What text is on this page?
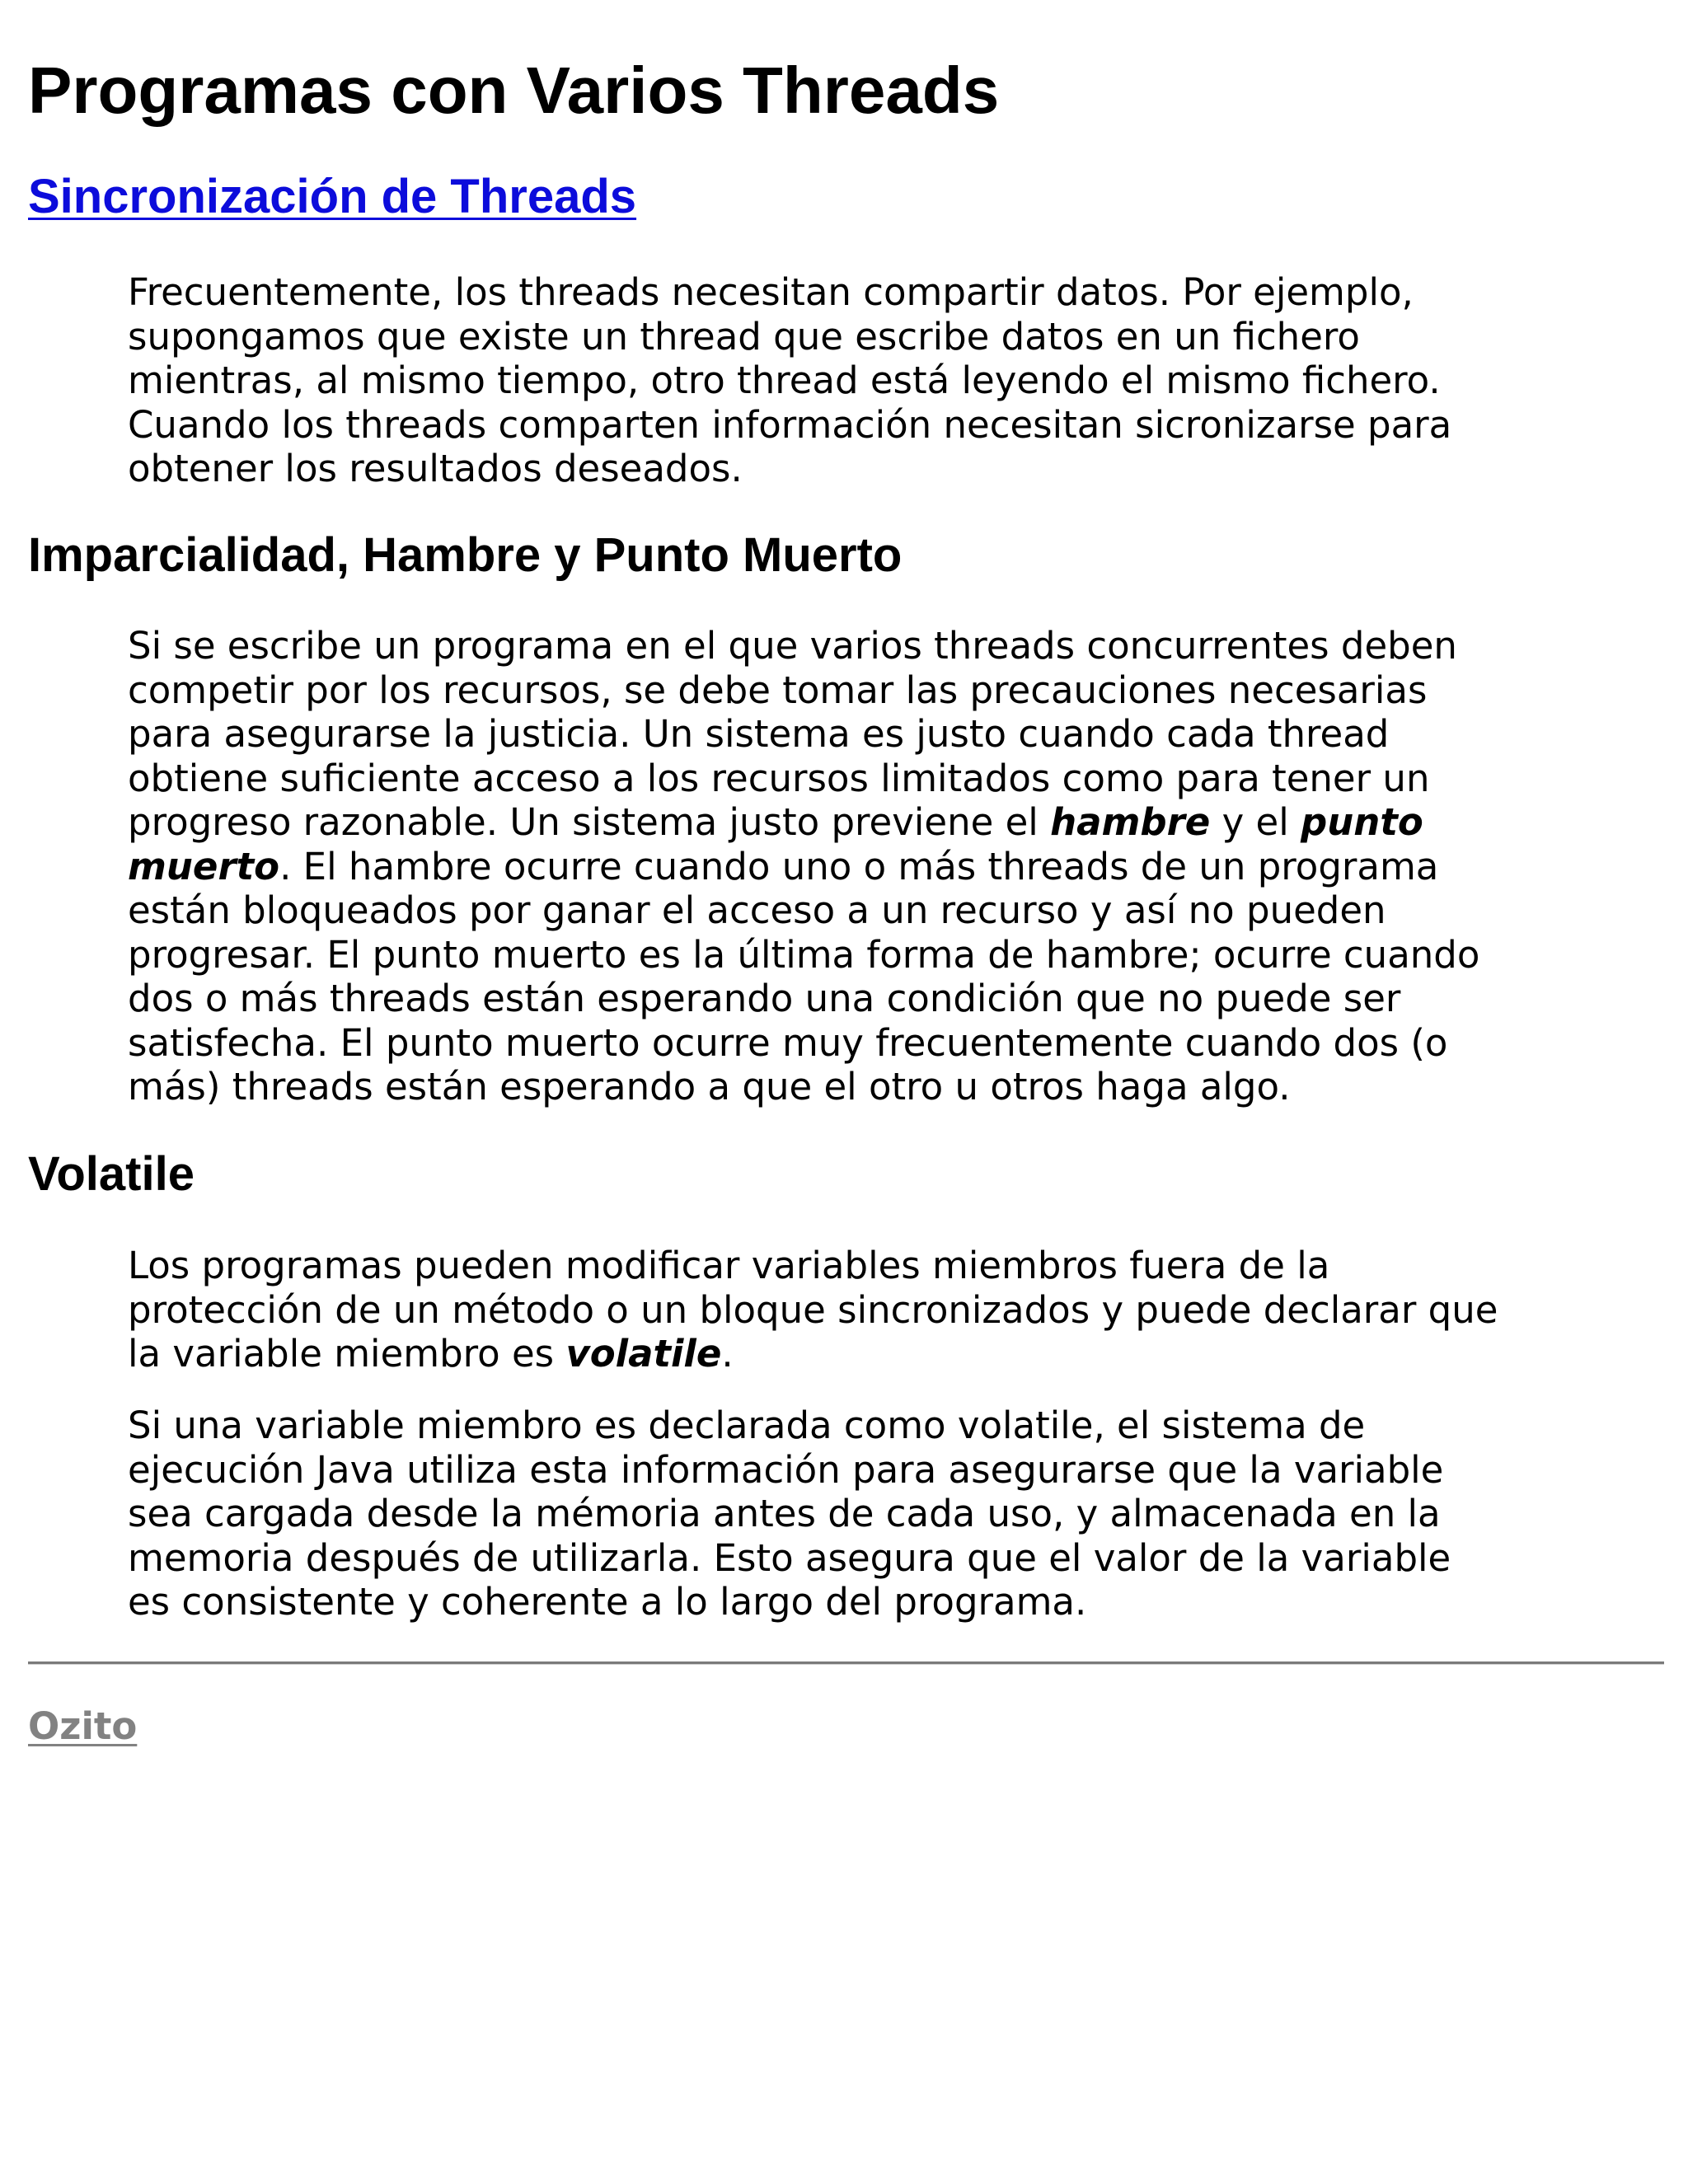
Programas con Varios Threads
Sincronización de Threads

Frecuentemente, los threads necesitan compartir datos. Por ejemplo,
supongamos que existe un thread que escribe datos en un fichero
mientras, al mismo tiempo, otro thread está leyendo el mismo fichero.
Cuando los threads comparten información necesitan sicronizarse para
obtener los resultados deseados.

Imparcialidad, Hambre y Punto Muerto

Si se escribe un programa en el que varios threads concurrentes deben
competir por los recursos, se debe tomar las precauciones necesarias
para asegurarse la justicia. Un sistema es justo cuando cada thread
obtiene suficiente acceso a los recursos limitados como para tener un
progreso razonable. Un sistema justo previene el hambre y el punto
muerto. El hambre ocurre cuando uno o más threads de un programa
están bloqueados por ganar el acceso a un recurso y así no pueden
progresar. El punto muerto es la última forma de hambre; ocurre cuando
dos o más threads están esperando una condición que no puede ser
satisfecha. El punto muerto ocurre muy frecuentemente cuando dos (o
más) threads están esperando a que el otro u otros haga algo.

Volatile

Los programas pueden modificar variables miembros fuera de la
protección de un método o un bloque sincronizados y puede declarar que
la variable miembro es volatile.

Si una variable miembro es declarada como volatile, el sistema de
ejecución Java utiliza esta información para asegurarse que la variable
sea cargada desde la mémoria antes de cada uso, y almacenada en la
memoria después de utilizarla. Esto asegura que el valor de la variable
es consistente y coherente a lo largo del programa.

Ozito
